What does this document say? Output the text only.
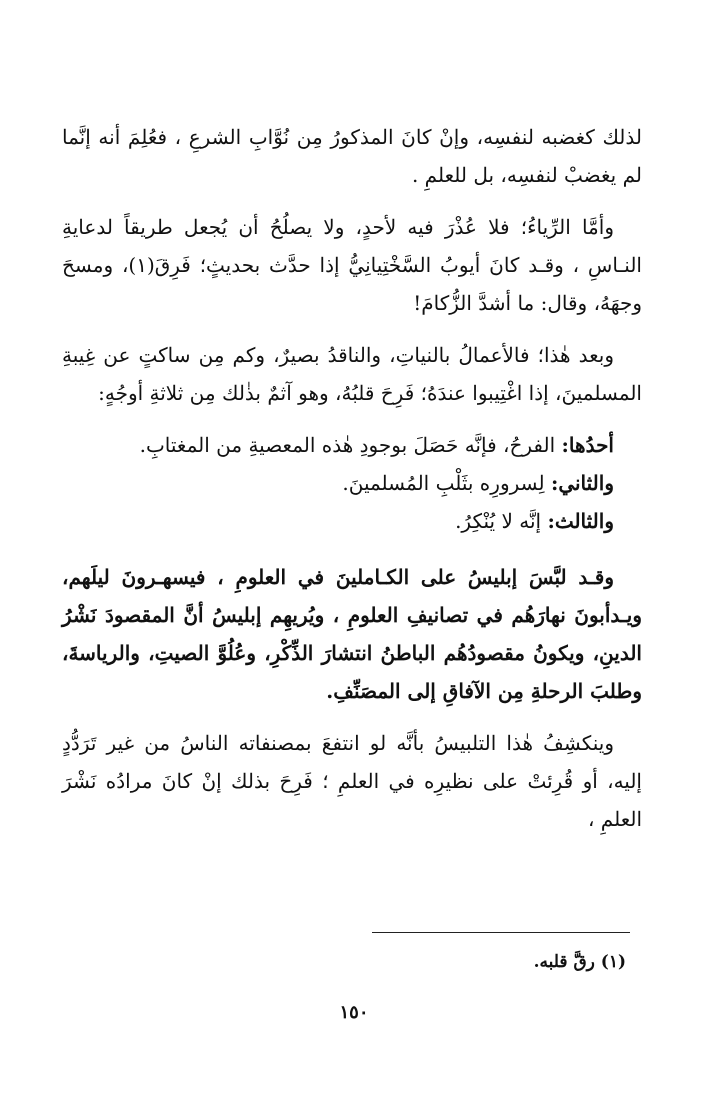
لذلك كغضبه لنفسِه، وإنْ كانَ المذكورُ مِن نُوَّابِ الشرعِ ، فعُلِمَ أنه إنَّما لم يغضبْ لنفسِه، بل للعلمِ .

وأمَّا الرِّياءُ؛ فلا عُذْرَ فيه لأحدٍ، ولا يصلُحُ أن يُجعل طريقاً لدعايةِ النـاسِ ، وقـد كانَ أيوبُ السَّخْتِيانِيُّ إذا حدَّث بحديثٍ؛ فَرِقَ(١)، ومسحَ وجهَهُ، وقال: ما أشدَّ الزُّكامَ!

وبعد هٰذا؛ فالأعمالُ بالنياتِ، والناقدُ بصيرٌ، وكم مِن ساكتٍ عن غِيبةِ المسلمينَ، إذا اغْتِيبوا عندَهُ؛ فَرِحَ قلبُهُ، وهو آثمٌ بذٰلك مِن ثلاثةِ أوجُهٍ:

أحدُها: الفرحُ، فإنَّه حَصَلَ بوجودِ هٰذه المعصيةِ من المغتابِ.

والثاني: لِسرورِه بثَلْبِ المُسلمينَ.

والثالث: إنَّه لا يُنْكِرُ.

وقـد لبَّسَ إبليسُ على الكـاملينَ في العلومِ ، فيسهـرونَ ليلَهم، ويـدأبونَ نهارَهُم في تصانيفِ العلومِ ، ويُريهِم إبليسُ أنَّ المقصودَ نَشْرُ الدينِ، ويكونُ مقصودُهُم الباطنُ انتشارَ الذِّكْرِ، وعُلُوَّ الصيتِ، والرياسةَ، وطلبَ الرحلةِ مِن الآفاقِ إلى المصَنِّفِ.

وينكشِفُ هٰذا التلبيسُ بأنَّه لو انتفعَ بمصنفاته الناسُ من غير تَرَدُّدٍ إليه، أو قُرِئتْ على نظيرِه في العلمِ ؛ فَرِحَ بذلك إنْ كانَ مرادُه نَشْرَ العلمِ ،

(١) رقَّ قلبه.
١٥٠
